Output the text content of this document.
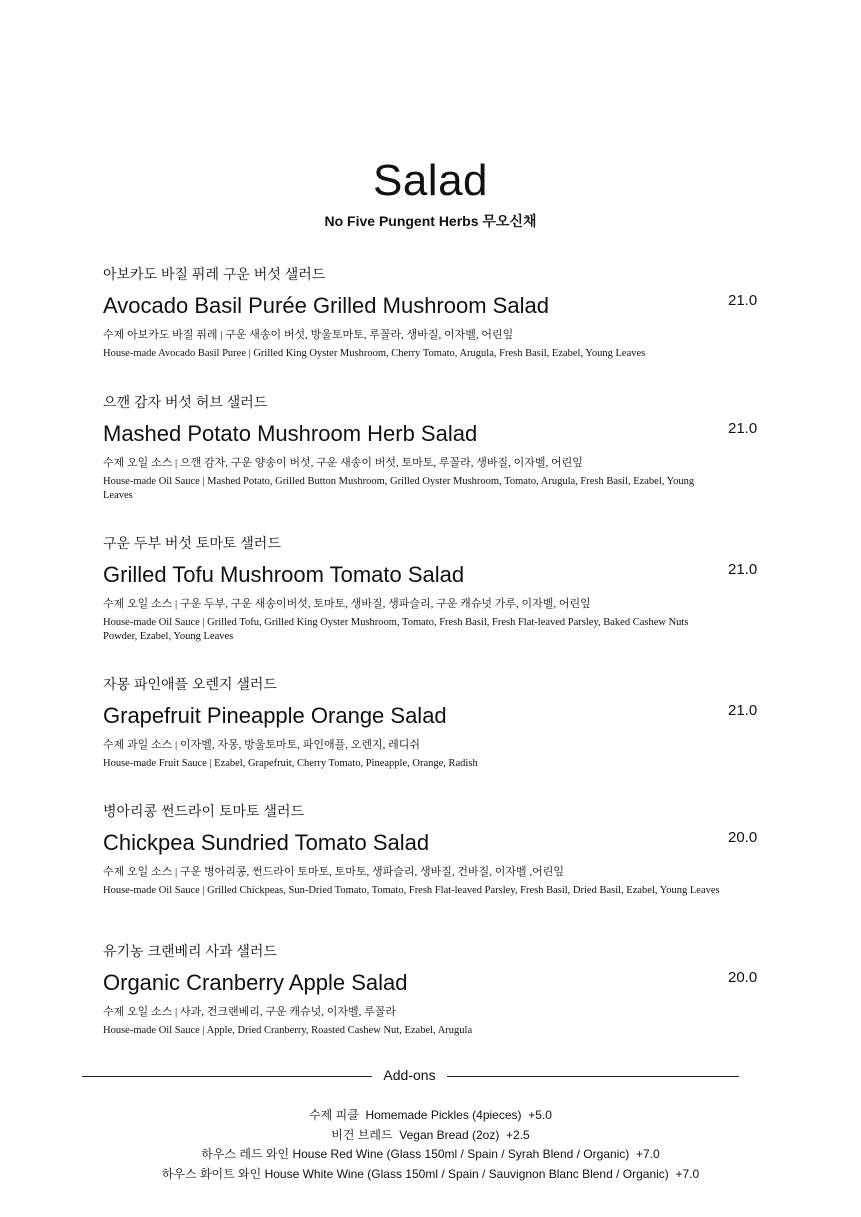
Salad
No Five Pungent Herbs 무오신채
아보카도 바질 퓌레 구운 버섯 샐러드
Avocado Basil Purée Grilled Mushroom Salad	21.0
수제 아보카도 바질 퓌레 | 구운 새송이 버섯, 방울토마토, 루꼴라, 생바질, 이자벨, 어린잎
House-made Avocado Basil Puree | Grilled King Oyster Mushroom, Cherry Tomato, Arugula, Fresh Basil, Ezabel, Young Leaves
으깬 감자 버섯 허브 샐러드
Mashed Potato Mushroom Herb Salad	21.0
수제 오일 소스 | 으깬 감자, 구운 양송이 버섯, 구운 새송이 버섯, 토마토, 루꼴라, 생바질, 이자벨, 어린잎
House-made Oil Sauce | Mashed Potato, Grilled Button Mushroom, Grilled Oyster Mushroom, Tomato, Arugula, Fresh Basil, Ezabel, Young Leaves
구운 두부 버섯 토마토 샐러드
Grilled Tofu Mushroom Tomato Salad	21.0
수제 오일 소스 | 구운 두부, 구운 새송이버섯, 토마토, 생바질, 생파슬리, 구운 캐슈넛 가루, 이자벨, 어린잎
House-made Oil Sauce | Grilled Tofu, Grilled King Oyster Mushroom, Tomato, Fresh Basil, Fresh Flat-leaved Parsley, Baked Cashew Nuts Powder, Ezabel, Young Leaves
자몽 파인애플 오렌지 샐러드
Grapefruit Pineapple Orange Salad	21.0
수제 과일 소스 | 이자벨, 자몽, 방울토마토, 파인애플, 오렌지, 레디쉬
House-made Fruit Sauce | Ezabel, Grapefruit, Cherry Tomato, Pineapple, Orange, Radish
병아리콩 썬드라이 토마토 샐러드
Chickpea Sundried Tomato Salad	20.0
수제 오일 소스 | 구운 병아리콩, 썬드라이 토마토, 토마토, 생파슬리, 생바질, 건바질, 이자벨 ,어린잎
House-made Oil Sauce | Grilled Chickpeas, Sun-Dried Tomato, Tomato, Fresh Flat-leaved Parsley, Fresh Basil, Dried Basil, Ezabel, Young Leaves
유기농 크랜베리 사과 샐러드
Organic Cranberry Apple Salad	20.0
수제 오일 소스 | 사과, 건크랜베리, 구운 캐슈넛, 이자벨, 루꼴라
House-made Oil Sauce | Apple, Dried Cranberry, Roasted Cashew Nut, Ezabel, Arugula
Add-ons
수제 피클 Homemade Pickles (4pieces) +5.0
비건 브레드 Vegan Bread (2oz) +2.5
하우스 레드 와인 House Red Wine (Glass 150ml / Spain / Syrah Blend / Organic) +7.0
하우스 화이트 와인 House White Wine (Glass 150ml / Spain / Sauvignon Blanc Blend / Organic) +7.0
